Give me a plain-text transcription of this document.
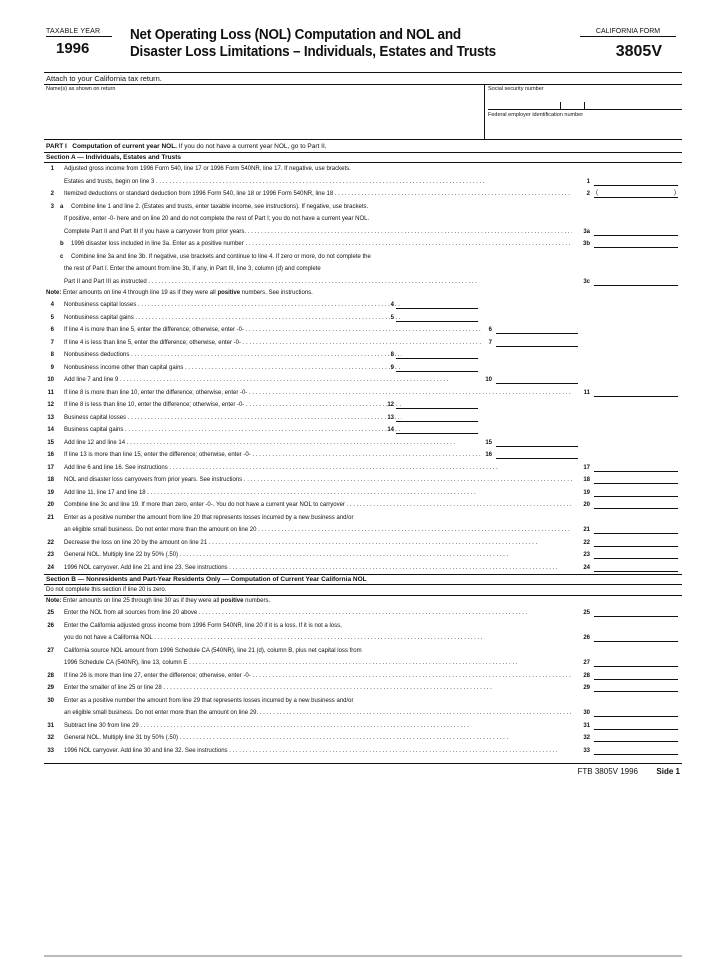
TAXABLE YEAR
1996
Net Operating Loss (NOL) Computation and NOL and
Disaster Loss Limitations – Individuals, Estates and Trusts
CALIFORNIA FORM
3805V
Attach to your California tax return.
Name(s) as shown on return	Social security number
Federal employer identification number
PART I Computation of current year NOL. If you do not have a current year NOL, go to Part II.
Section A — Individuals, Estates and Trusts
1 Adjusted gross income from 1996 Form 540, line 17 or 1996 Form 540NR, line 17. If negative, use brackets.
Estates and trusts, begin on line 3 . . .	1
2 Itemized deductions or standard deduction from 1996 Form 540, line 18 or 1996 Form 540NR, line 18 . . .	2 (	)
3 a Combine line 1 and line 2. (Estates and trusts, enter taxable income, see instructions). If negative, use brackets.
If positive, enter -0- here and on line 20 and do not complete the rest of Part I; you do not have a current year NOL.
Complete Part II and Part III if you have a carryover from prior years. . . .	3a
b 1996 disaster loss included in line 3a. Enter as a positive number . . .	3b
c Combine line 3a and line 3b. If negative, use brackets and continue to line 4. If zero or more, do not complete the
the rest of Part I. Enter the amount from line 3b, if any, in Part III, line 3, column (d) and complete
Part II and Part III as instructed . . .	3c
Note: Enter amounts on line 4 through line 19 as if they were all positive numbers. See instructions.
4 Nonbusiness capital losses . . .	4
5 Nonbusiness capital gains . . .	5
6 If line 4 is more than line 5, enter the difference; otherwise, enter -0- . . .	6
7 If line 4 is less than line 5, enter the difference; otherwise, enter -0- . . .	7
8 Nonbusiness deductions . . .	8
9 Nonbusiness income other than capital gains . . .	9
10 Add line 7 and line 9 . . .	10
11 If line 8 is more than line 10, enter the difference; otherwise, enter -0- . . .	11
12 If line 8 is less than line 10, enter the difference; otherwise, enter -0- . . .	12
13 Business capital losses . . .	13
14 Business capital gains . . .	14
15 Add line 12 and line 14 . . .	15
16 If line 13 is more than line 15, enter the difference; otherwise, enter -0- . . .	16
17 Add line 6 and line 16. See instructions . . .	17
18 NOL and disaster loss carryovers from prior years. See instructions . . .	18
19 Add line 11, line 17 and line 18 . . .	19
20 Combine line 3c and line 19. If more than zero, enter -0-. You do not have a current year NOL to carryover . . .	20
21 Enter as a positive number the amount from line 20 that represents losses incurred by a new business and/or
an eligible small business. Do not enter more than the amount on line 20 . . .	21
22 Decrease the loss on line 20 by the amount on line 21 . . .	22
23 General NOL. Multiply line 22 by 50% (.50) . . .	23
24 1996 NOL carryover. Add line 21 and line 23. See instructions . . .	24
Section B — Nonresidents and Part-Year Residents Only — Computation of Current Year California NOL
Do not complete this section if line 20 is zero.
Note: Enter amounts on line 25 through line 30 as if they were all positive numbers.
25 Enter the NOL from all sources from line 20 above . . .	25
26 Enter the California adjusted gross income from 1996 Form 540NR, line 20 if it is a loss. If it is not a loss,
you do not have a California NOL . . .	26
27 California source NOL amount from 1996 Schedule CA (540NR), line 21 (d), column B, plus net capital loss from
1996 Schedule CA (540NR), line 13, column E . . .	27
28 If line 26 is more than line 27, enter the difference; otherwise, enter -0- . . .	28
29 Enter the smaller of line 25 or line 28 . . .	29
30 Enter as a positive number the amount from line 29 that represents losses incurred by a new business and/or
an eligible small business. Do not enter more than the amount on line 29. . . .	30
31 Subtract line 30 from line 29 . . .	31
32 General NOL. Multiply line 31 by 50% (.50) . . .	32
33 1996 NOL carryover. Add line 30 and line 32. See instructions . . .	33
FTB 3805V 1996 Side 1
